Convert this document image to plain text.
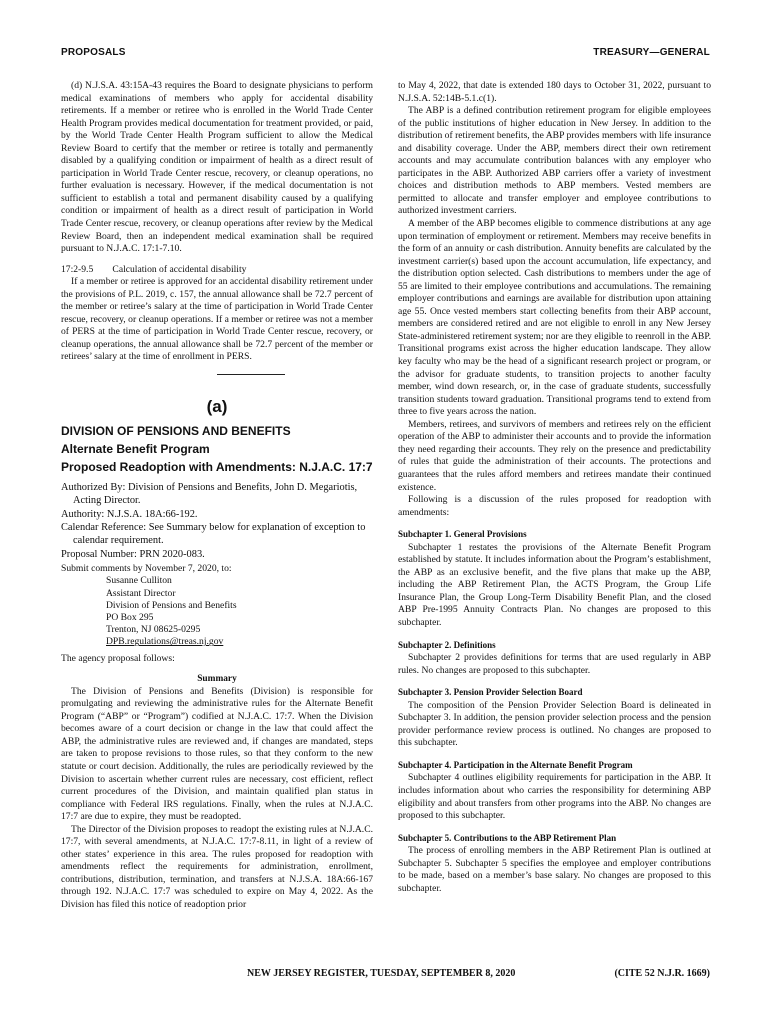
PROPOSALS	TREASURY—GENERAL

(d) N.J.S.A. 43:15A-43 requires the Board to designate physicians to perform medical examinations of members who apply for accidental disability retirements. If a member or retiree who is enrolled in the World Trade Center Health Program provides medical documentation for treatment provided, or paid, by the World Trade Center Health Program sufficient to allow the Medical Review Board to certify that the member or retiree is totally and permanently disabled by a qualifying condition or impairment of health as a direct result of participation in World Trade Center rescue, recovery, or cleanup operations, no further evaluation is necessary. However, if the medical documentation is not sufficient to establish a total and permanent disability caused by a qualifying condition or impairment of health as a direct result of participation in World Trade Center rescue, recovery, or cleanup operations after review by the Medical Review Board, then an independent medical examination shall be required pursuant to N.J.A.C. 17:1-7.10.

17:2-9.5  Calculation of accidental disability

If a member or retiree is approved for an accidental disability retirement under the provisions of P.L. 2019, c. 157, the annual allowance shall be 72.7 percent of the member or retiree’s salary at the time of participation in World Trade Center rescue, recovery, or cleanup operations. If a member or retiree was not a member of PERS at the time of participation in World Trade Center rescue, recovery, or cleanup operations, the annual allowance shall be 72.7 percent of the member or retirees’ salary at the time of enrollment in PERS.

(a)
DIVISION OF PENSIONS AND BENEFITS
Alternate Benefit Program
Proposed Readoption with Amendments: N.J.A.C. 17:7

Authorized By: Division of Pensions and Benefits, John D. Megariotis, Acting Director.

Authority: N.J.S.A. 18A:66-192.

Calendar Reference: See Summary below for explanation of exception to calendar requirement.

Proposal Number: PRN 2020-083.

Submit comments by November 7, 2020, to:

Susanne Culliton
Assistant Director
Division of Pensions and Benefits
PO Box 295
Trenton, NJ 08625-0295
DPB.regulations@treas.nj.gov

The agency proposal follows:

Summary

The Division of Pensions and Benefits (Division) is responsible for promulgating and reviewing the administrative rules for the Alternate Benefit Program (“ABP” or “Program”) codified at N.J.A.C. 17:7. When the Division becomes aware of a court decision or change in the law that could affect the ABP, the administrative rules are reviewed and, if changes are mandated, steps are taken to propose revisions to those rules, so that they conform to the new statute or court decision. Additionally, the rules are periodically reviewed by the Division to ascertain whether current rules are necessary, cost efficient, reflect current procedures of the Division, and maintain qualified plan status in compliance with Federal IRS regulations. Finally, when the rules at N.J.A.C. 17:7 are due to expire, they must be readopted.

The Director of the Division proposes to readopt the existing rules at N.J.A.C. 17:7, with several amendments, at N.J.A.C. 17:7-8.11, in light of a review of other states’ experience in this area. The rules proposed for readoption with amendments reflect the requirements for administration, enrollment, contributions, distribution, termination, and transfers at N.J.S.A. 18A:66-167 through 192. N.J.A.C. 17:7 was scheduled to expire on May 4, 2022. As the Division has filed this notice of readoption prior

to May 4, 2022, that date is extended 180 days to October 31, 2022, pursuant to N.J.S.A. 52:14B-5.1.c(1).

The ABP is a defined contribution retirement program for eligible employees of the public institutions of higher education in New Jersey. In addition to the distribution of retirement benefits, the ABP provides members with life insurance and disability coverage. Under the ABP, members direct their own retirement accounts and may accumulate contribution balances with any employer who participates in the ABP. Authorized ABP carriers offer a variety of investment choices and distribution methods to ABP members. Vested members are permitted to allocate and transfer employer and employee contributions to authorized investment carriers.

A member of the ABP becomes eligible to commence distributions at any age upon termination of employment or retirement. Members may receive benefits in the form of an annuity or cash distribution. Annuity benefits are calculated by the investment carrier(s) based upon the account accumulation, life expectancy, and the distribution option selected. Cash distributions to members under the age of 55 are limited to their employee contributions and accumulations. The remaining employer contributions and earnings are available for distribution upon attaining age 55. Once vested members start collecting benefits from their ABP account, members are considered retired and are not eligible to enroll in any New Jersey State-administered retirement system; nor are they eligible to reenroll in the ABP. Transitional programs exist across the higher education landscape. They allow key faculty who may be the head of a significant research project or program, or the advisor for graduate students, to transition projects to another faculty member, wind down research, or, in the case of graduate students, successfully transition students toward graduation. Transitional programs tend to extend from three to five years across the nation.

Members, retirees, and survivors of members and retirees rely on the efficient operation of the ABP to administer their accounts and to provide the information they need regarding their accounts. They rely on the presence and predictability of rules that guide the administration of their accounts. The protections and guarantees that the rules afford members and retirees mandate their continued existence.

Following is a discussion of the rules proposed for readoption with amendments:

Subchapter 1. General Provisions

Subchapter 1 restates the provisions of the Alternate Benefit Program established by statute. It includes information about the Program’s establishment, the ABP as an exclusive benefit, and the five plans that make up the ABP, including the ABP Retirement Plan, the ACTS Program, the Group Life Insurance Plan, the Group Long-Term Disability Benefit Plan, and the closed ABP Pre-1995 Annuity Contracts Plan. No changes are proposed to this subchapter.

Subchapter 2. Definitions

Subchapter 2 provides definitions for terms that are used regularly in ABP rules. No changes are proposed to this subchapter.

Subchapter 3. Pension Provider Selection Board

The composition of the Pension Provider Selection Board is delineated in Subchapter 3. In addition, the pension provider selection process and the pension provider performance review process is outlined. No changes are proposed to this subchapter.

Subchapter 4. Participation in the Alternate Benefit Program

Subchapter 4 outlines eligibility requirements for participation in the ABP. It includes information about who carries the responsibility for determining ABP eligibility and about transfers from other programs into the ABP. No changes are proposed to this subchapter.

Subchapter 5. Contributions to the ABP Retirement Plan

The process of enrolling members in the ABP Retirement Plan is outlined at Subchapter 5. Subchapter 5 specifies the employee and employer contributions to be made, based on a member’s base salary. No changes are proposed to this subchapter.

NEW JERSEY REGISTER, TUESDAY, SEPTEMBER 8, 2020	(CITE 52 N.J.R. 1669)
